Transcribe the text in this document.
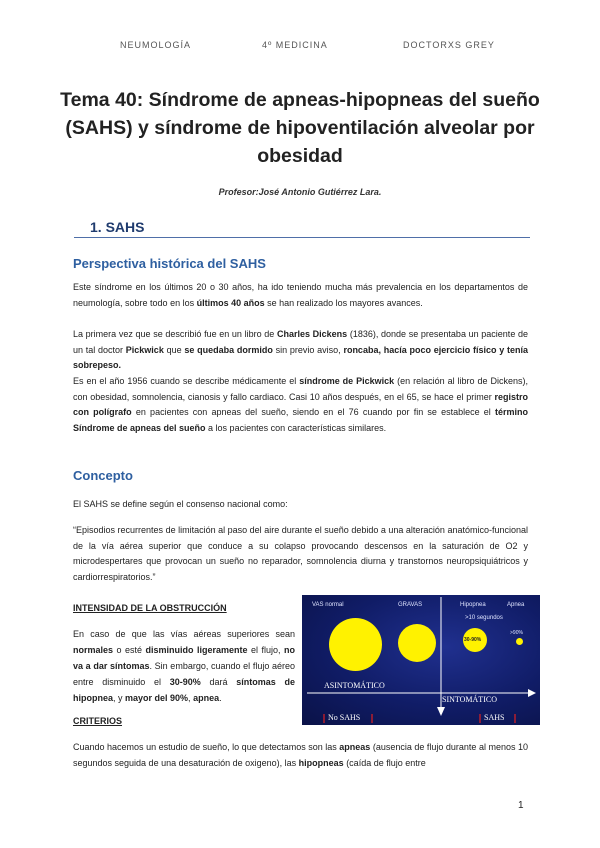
NEUMOLOGÍA	4º MEDICINA	DOCTORXS GREY
Tema 40: Síndrome de apneas-hipopneas del sueño
(SAHS) y síndrome de hipoventilación alveolar por
obesidad
Profesor:José Antonio Gutiérrez Lara.
1. SAHS
Perspectiva histórica del SAHS
Este síndrome en los últimos 20 o 30 años, ha ido teniendo mucha más prevalencia en los departamentos de neumología, sobre todo en los últimos 40 años se han realizado los mayores avances.
La primera vez que se describió fue en un libro de Charles Dickens (1836), donde se presentaba un paciente de un tal doctor Pickwick que se quedaba dormido sin previo aviso, roncaba, hacía poco ejercicio físico y tenía sobrepeso.
Es en el año 1956 cuando se describe médicamente el síndrome de Pickwick (en relación al libro de Dickens), con obesidad, somnolencia, cianosis y fallo cardiaco. Casi 10 años después, en el 65, se hace el primer registro con polígrafo en pacientes con apneas del sueño, siendo en el 76 cuando por fin se establece el término Síndrome de apneas del sueño a los pacientes con características similares.
Concepto
El SAHS se define según el consenso nacional como:
“Episodios recurrentes de limitación al paso del aire durante el sueño debido a una alteración anatómico-funcional de la vía aérea superior que conduce a su colapso provocando descensos en la saturación de O2 y microdespertares que provocan un sueño no reparador, somnolencia diurna y transtornos neuropsiquiátricos y cardiorrespiratorios.”
INTENSIDAD DE LA OBSTRUCCIÓN
En caso de que las vías aéreas superiores sean normales o esté disminuido ligeramente el flujo, no va a dar síntomas. Sin embargo, cuando el flujo aéreo entre disminuido el 30-90% dará síntomas de hipopnea, y mayor del 90%, apnea.
VAS normal	GRAVAS	Hipopnea	Apnea
>10 segundos
30-90%
>90%
ASINTOMÁTICO
SINTOMÁTICO
No SAHS	SAHS
CRITERIOS
Cuando hacemos un estudio de sueño, lo que detectamos son las apneas (ausencia de flujo durante al menos 10 segundos seguida de una desaturación de oxigeno), las hipopneas (caída de flujo entre
1
